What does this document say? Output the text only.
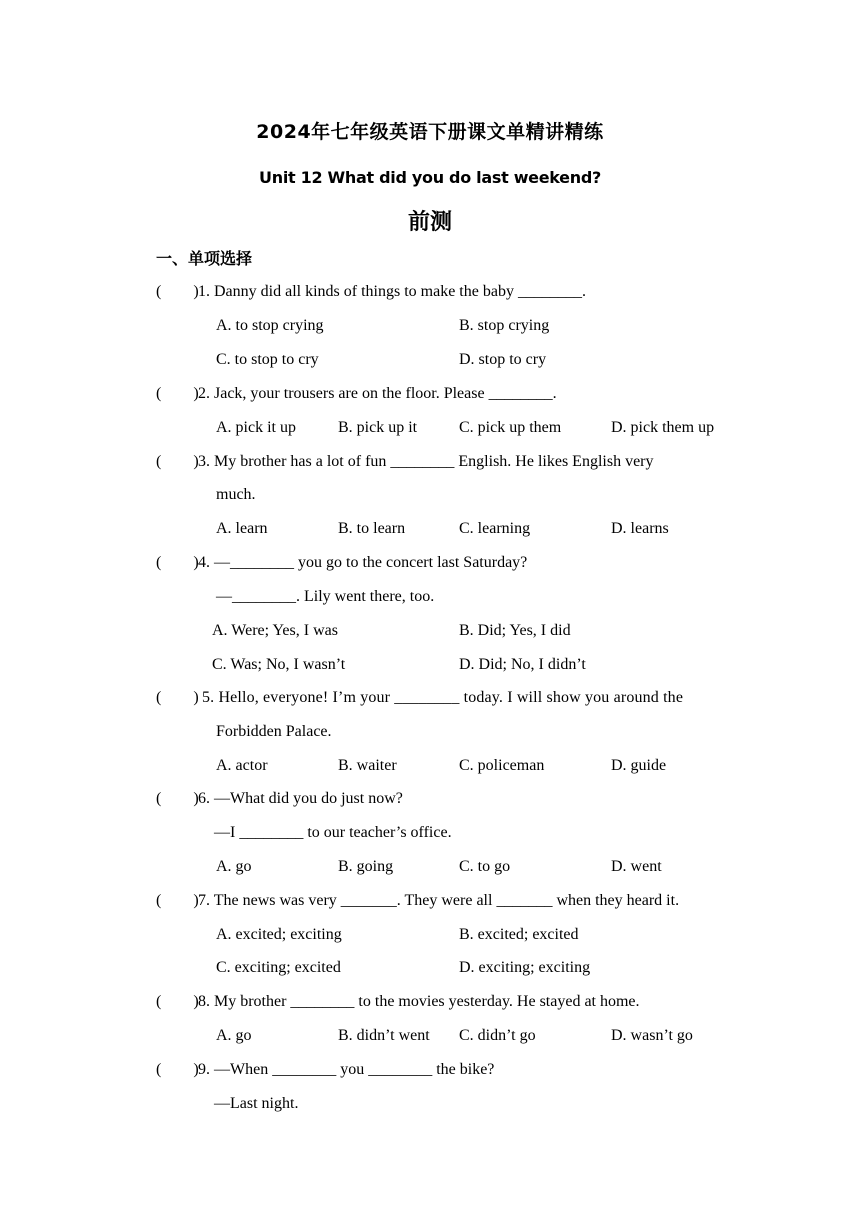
2024年七年级英语下册课文单精讲精练
Unit 12 What did you do last weekend?
前测
一、单项选择
(　　) 1. Danny did all kinds of things to make the baby ________.
A. to stop crying	B. stop crying
C. to stop to cry	D. stop to cry
(　　) 2. Jack, your trousers are on the floor. Please ________.
A. pick it up	B. pick up it	C. pick up them	D. pick them up
(　　) 3. My brother has a lot of fun ________ English. He likes English very
much.
A. learn	B. to learn	C. learning	D. learns
(　　) 4. —________ you go to the concert last Saturday?
—________. Lily went there, too.
A. Were; Yes, I was	B. Did; Yes, I did
C. Was; No, I wasn’t	D. Did; No, I didn’t
(　　) 5. Hello, everyone! I’m your ________ today. I will show you around the
Forbidden Palace.
A. actor	B. waiter	C. policeman	D. guide
(　　) 6. —What did you do just now?
—I ________ to our teacher’s office.
A. go	B. going	C. to go	D. went
(　　) 7. The news was very _______. They were all _______ when they heard it.
A. excited; exciting	B. excited; excited
C. exciting; excited	D. exciting; exciting
(　　) 8. My brother ________ to the movies yesterday. He stayed at home.
A. go	B. didn’t went C. didn’t go	D. wasn’t go
(　　) 9. —When ________ you ________ the bike?
—Last night.
